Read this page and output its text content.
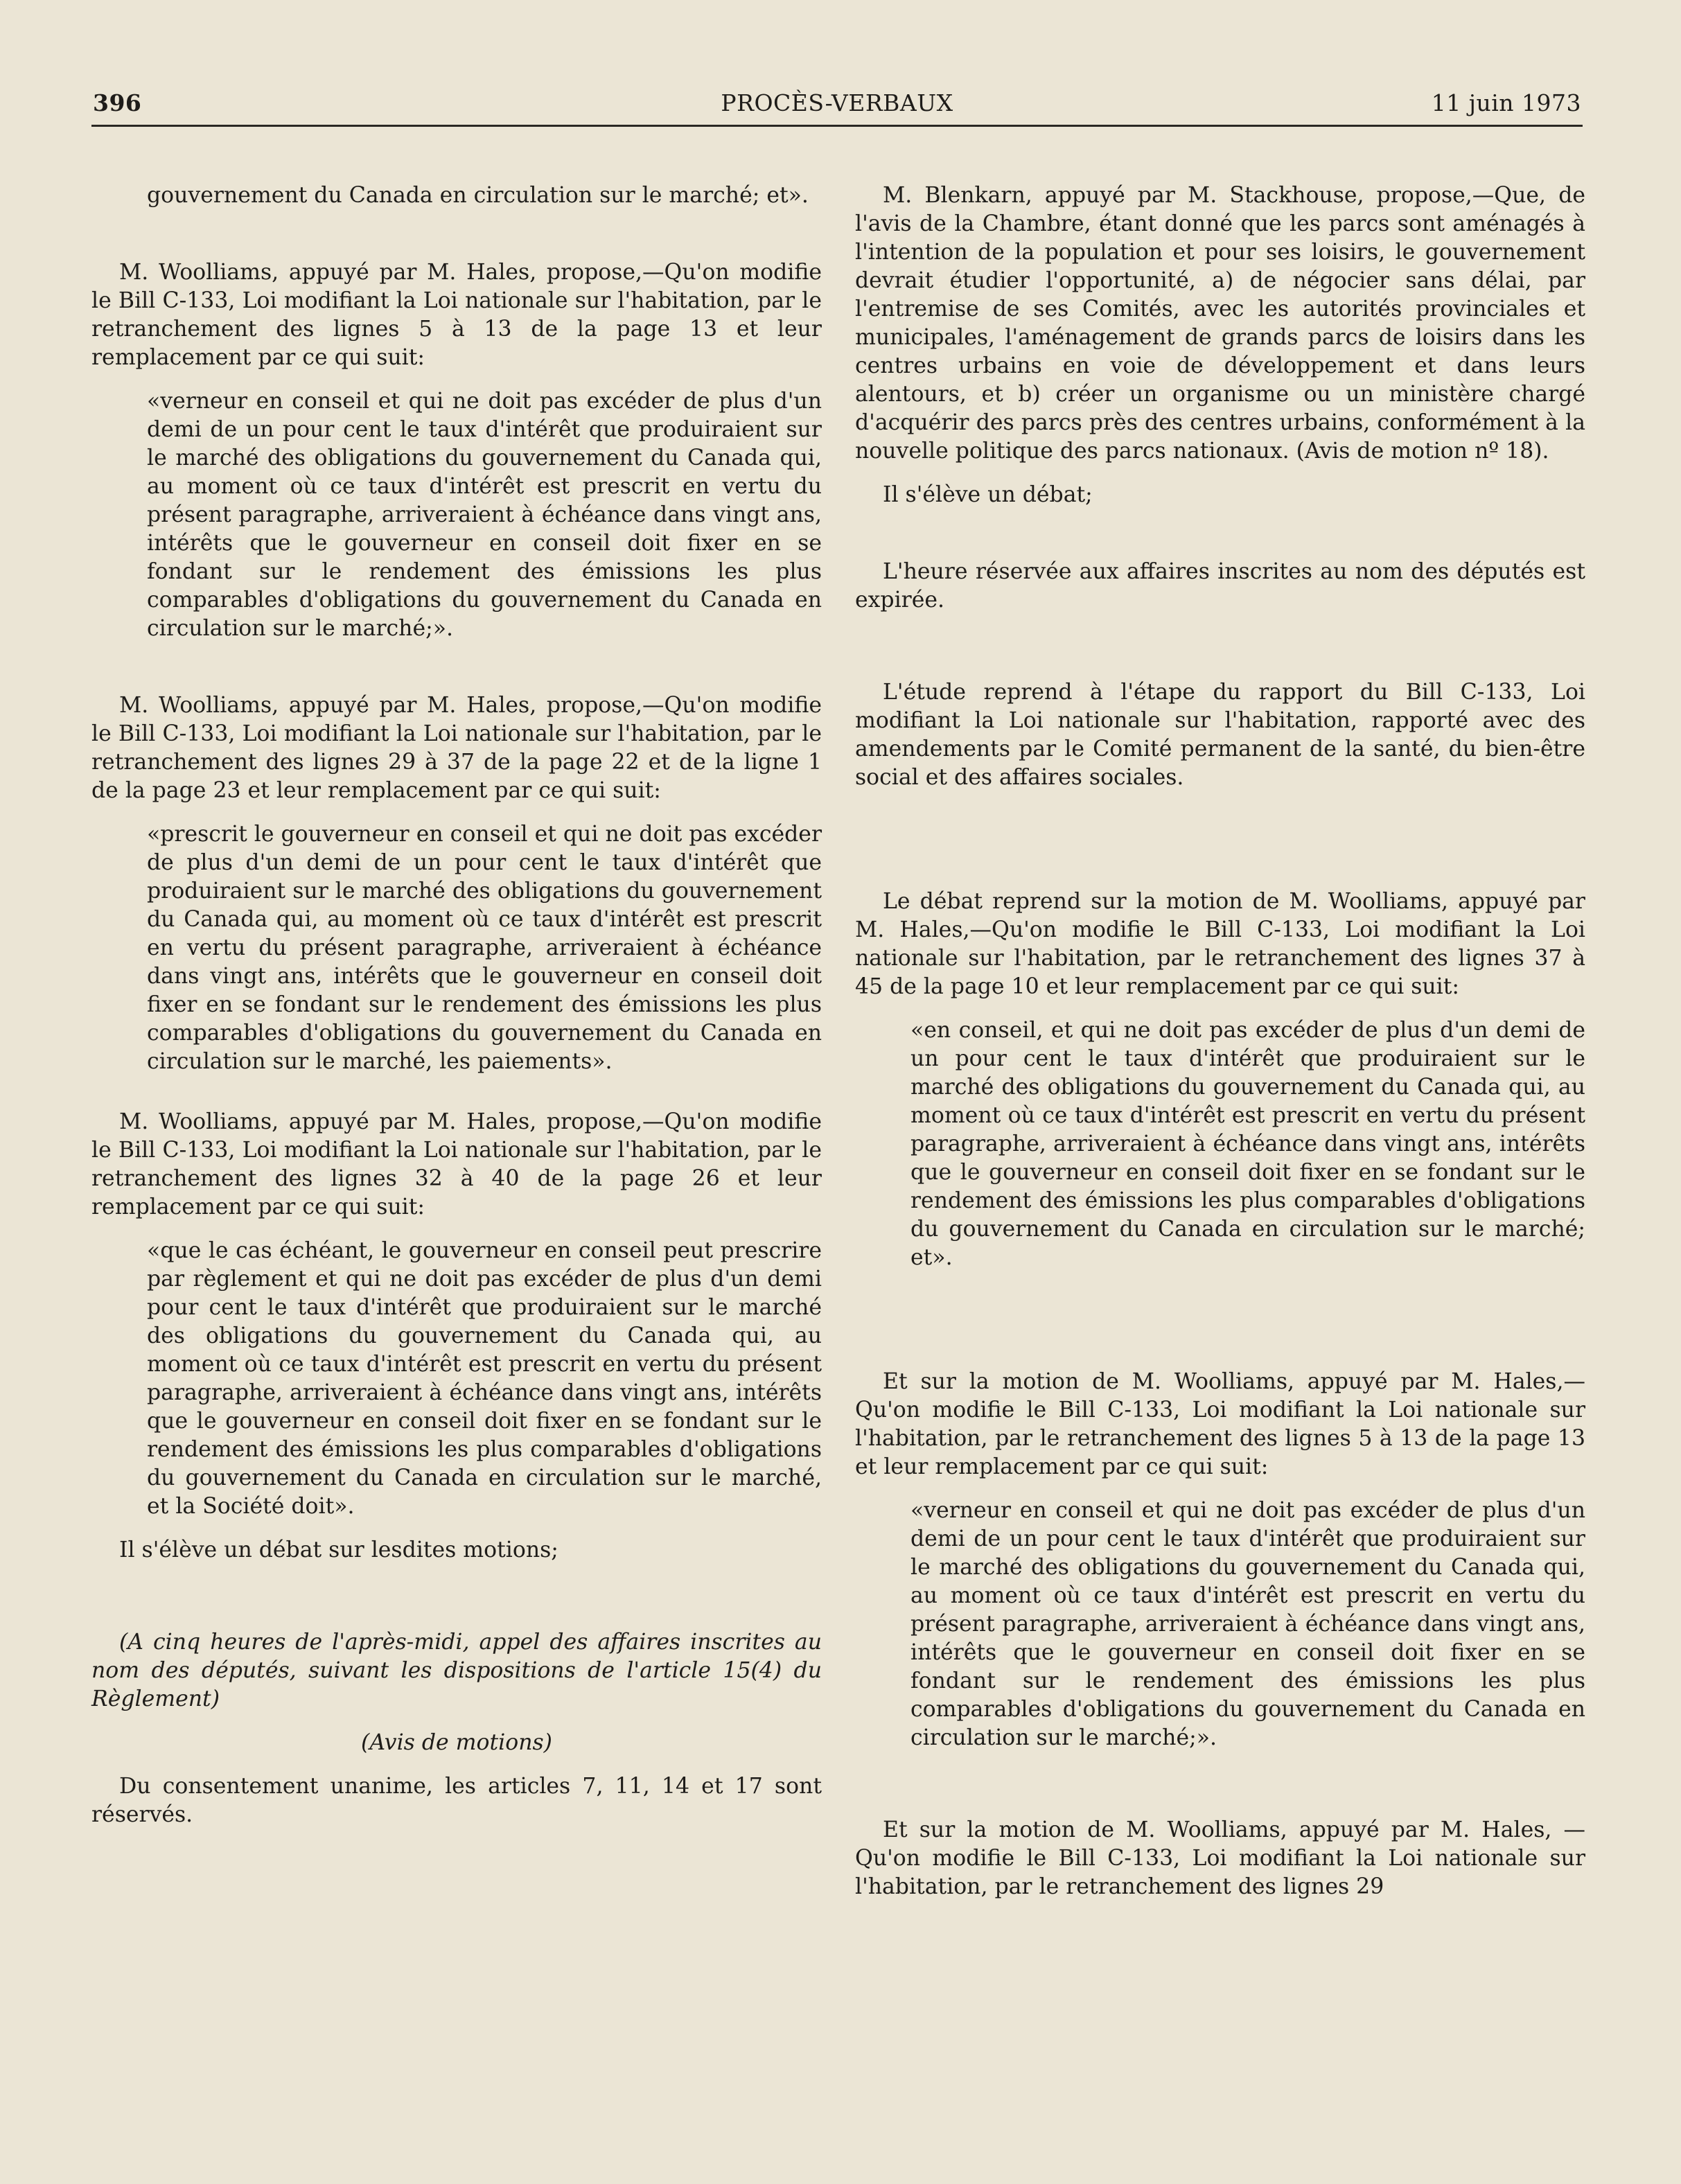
396	PROCÈS-VERBAUX	11 juin 1973

gouvernement du Canada en circulation sur le marché; et».

M. Woolliams, appuyé par M. Hales, propose,—Qu'on modifie le Bill C-133, Loi modifiant la Loi nationale sur l'habitation, par le retranchement des lignes 5 à 13 de la page 13 et leur remplacement par ce qui suit:

«verneur en conseil et qui ne doit pas excéder de plus d'un demi de un pour cent le taux d'intérêt que produiraient sur le marché des obligations du gouvernement du Canada qui, au moment où ce taux d'intérêt est prescrit en vertu du présent paragraphe, arriveraient à échéance dans vingt ans, intérêts que le gouverneur en conseil doit fixer en se fondant sur le rendement des émissions les plus comparables d'obligations du gouvernement du Canada en circulation sur le marché;».

M. Woolliams, appuyé par M. Hales, propose,—Qu'on modifie le Bill C-133, Loi modifiant la Loi nationale sur l'habitation, par le retranchement des lignes 29 à 37 de la page 22 et de la ligne 1 de la page 23 et leur remplacement par ce qui suit:

«prescrit le gouverneur en conseil et qui ne doit pas excéder de plus d'un demi de un pour cent le taux d'intérêt que produiraient sur le marché des obligations du gouvernement du Canada qui, au moment où ce taux d'intérêt est prescrit en vertu du présent paragraphe, arriveraient à échéance dans vingt ans, intérêts que le gouverneur en conseil doit fixer en se fondant sur le rendement des émissions les plus comparables d'obligations du gouvernement du Canada en circulation sur le marché, les paiements».

M. Woolliams, appuyé par M. Hales, propose,—Qu'on modifie le Bill C-133, Loi modifiant la Loi nationale sur l'habitation, par le retranchement des lignes 32 à 40 de la page 26 et leur remplacement par ce qui suit:

«que le cas échéant, le gouverneur en conseil peut prescrire par règlement et qui ne doit pas excéder de plus d'un demi pour cent le taux d'intérêt que produiraient sur le marché des obligations du gouvernement du Canada qui, au moment où ce taux d'intérêt est prescrit en vertu du présent paragraphe, arriveraient à échéance dans vingt ans, intérêts que le gouverneur en conseil doit fixer en se fondant sur le rendement des émissions les plus comparables d'obligations du gouvernement du Canada en circulation sur le marché, et la Société doit».

Il s'élève un débat sur lesdites motions;

(A cinq heures de l'après-midi, appel des affaires inscrites au nom des députés, suivant les dispositions de l'article 15(4) du Règlement)

(Avis de motions)

Du consentement unanime, les articles 7, 11, 14 et 17 sont réservés.

M. Blenkarn, appuyé par M. Stackhouse, propose,—Que, de l'avis de la Chambre, étant donné que les parcs sont aménagés à l'intention de la population et pour ses loisirs, le gouvernement devrait étudier l'opportunité, a) de négocier sans délai, par l'entremise de ses Comités, avec les autorités provinciales et municipales, l'aménagement de grands parcs de loisirs dans les centres urbains en voie de développement et dans leurs alentours, et b) créer un organisme ou un ministère chargé d'acquérir des parcs près des centres urbains, conformément à la nouvelle politique des parcs nationaux. (Avis de motion nº 18).

Il s'élève un débat;

L'heure réservée aux affaires inscrites au nom des députés est expirée.

L'étude reprend à l'étape du rapport du Bill C-133, Loi modifiant la Loi nationale sur l'habitation, rapporté avec des amendements par le Comité permanent de la santé, du bien-être social et des affaires sociales.

Le débat reprend sur la motion de M. Woolliams, appuyé par M. Hales,—Qu'on modifie le Bill C-133, Loi modifiant la Loi nationale sur l'habitation, par le retranchement des lignes 37 à 45 de la page 10 et leur remplacement par ce qui suit:

«en conseil, et qui ne doit pas excéder de plus d'un demi de un pour cent le taux d'intérêt que produiraient sur le marché des obligations du gouvernement du Canada qui, au moment où ce taux d'intérêt est prescrit en vertu du présent paragraphe, arriveraient à échéance dans vingt ans, intérêts que le gouverneur en conseil doit fixer en se fondant sur le rendement des émissions les plus comparables d'obligations du gouvernement du Canada en circulation sur le marché; et».

Et sur la motion de M. Woolliams, appuyé par M. Hales,—Qu'on modifie le Bill C-133, Loi modifiant la Loi nationale sur l'habitation, par le retranchement des lignes 5 à 13 de la page 13 et leur remplacement par ce qui suit:

«verneur en conseil et qui ne doit pas excéder de plus d'un demi de un pour cent le taux d'intérêt que produiraient sur le marché des obligations du gouvernement du Canada qui, au moment où ce taux d'intérêt est prescrit en vertu du présent paragraphe, arriveraient à échéance dans vingt ans, intérêts que le gouverneur en conseil doit fixer en se fondant sur le rendement des émissions les plus comparables d'obligations du gouvernement du Canada en circulation sur le marché;».

Et sur la motion de M. Woolliams, appuyé par M. Hales, —Qu'on modifie le Bill C-133, Loi modifiant la Loi nationale sur l'habitation, par le retranchement des lignes 29
